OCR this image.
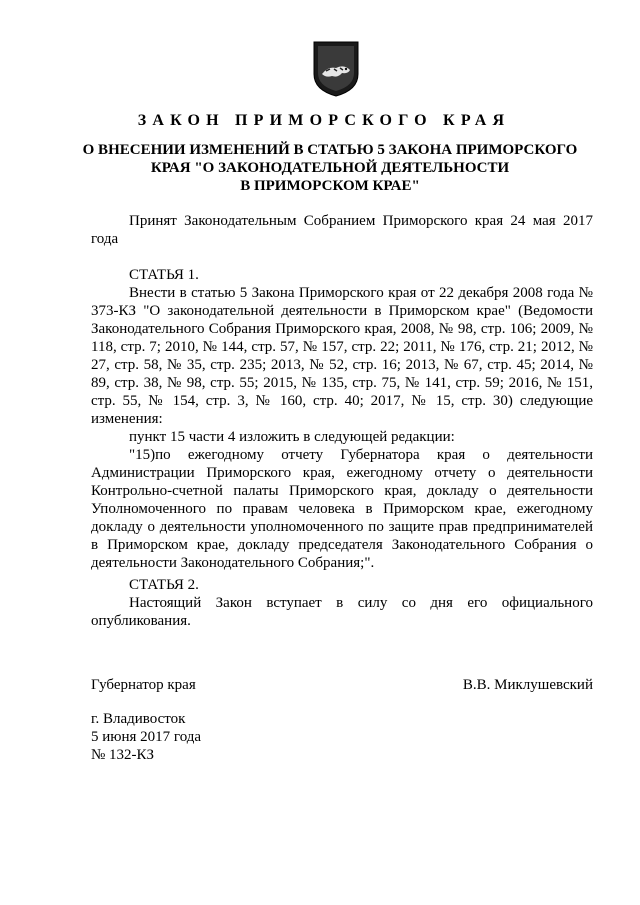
ЗАКОН ПРИМОРСКОГО КРАЯ
О ВНЕСЕНИИ ИЗМЕНЕНИЙ В СТАТЬЮ 5 ЗАКОНА ПРИМОРСКОГО
КРАЯ "О ЗАКОНОДАТЕЛЬНОЙ ДЕЯТЕЛЬНОСТИ
В ПРИМОРСКОМ КРАЕ"

Принят Законодательным Собранием Приморского края 24 мая 2017 года

СТАТЬЯ 1.

Внести в статью 5 Закона Приморского края от 22 декабря 2008 года № 373-КЗ "О законодательной деятельности в Приморском крае" (Ведомости Законодательного Собрания Приморского края, 2008, № 98, стр. 106; 2009, № 118, стр. 7; 2010, № 144, стр. 57, № 157, стр. 22; 2011, № 176, стр. 21; 2012, № 27, стр. 58, № 35, стр. 235; 2013, № 52, стр. 16; 2013, № 67, стр. 45; 2014, № 89, стр. 38, № 98, стр. 55; 2015, № 135, стр. 75, № 141, стр. 59; 2016, № 151, стр. 55, № 154, стр. 3, № 160, стр. 40; 2017, № 15, стр. 30) следующие изменения:

пункт 15 части 4 изложить в следующей редакции:

"15)по ежегодному отчету Губернатора края о деятельности Администрации Приморского края, ежегодному отчету о деятельности Контрольно-счетной палаты Приморского края, докладу о деятельности Уполномоченного по правам человека в Приморском крае, ежегодному докладу о деятельности уполномоченного по защите прав предпринимателей в Приморском крае, докладу председателя Законодательного Собрания о деятельности Законодательного Собрания;".

СТАТЬЯ 2.

Настоящий Закон вступает в силу со дня его официального опубликования.

Губернатор края	В.В. Миклушевский
г. Владивосток
5 июня 2017 года
№ 132-КЗ
